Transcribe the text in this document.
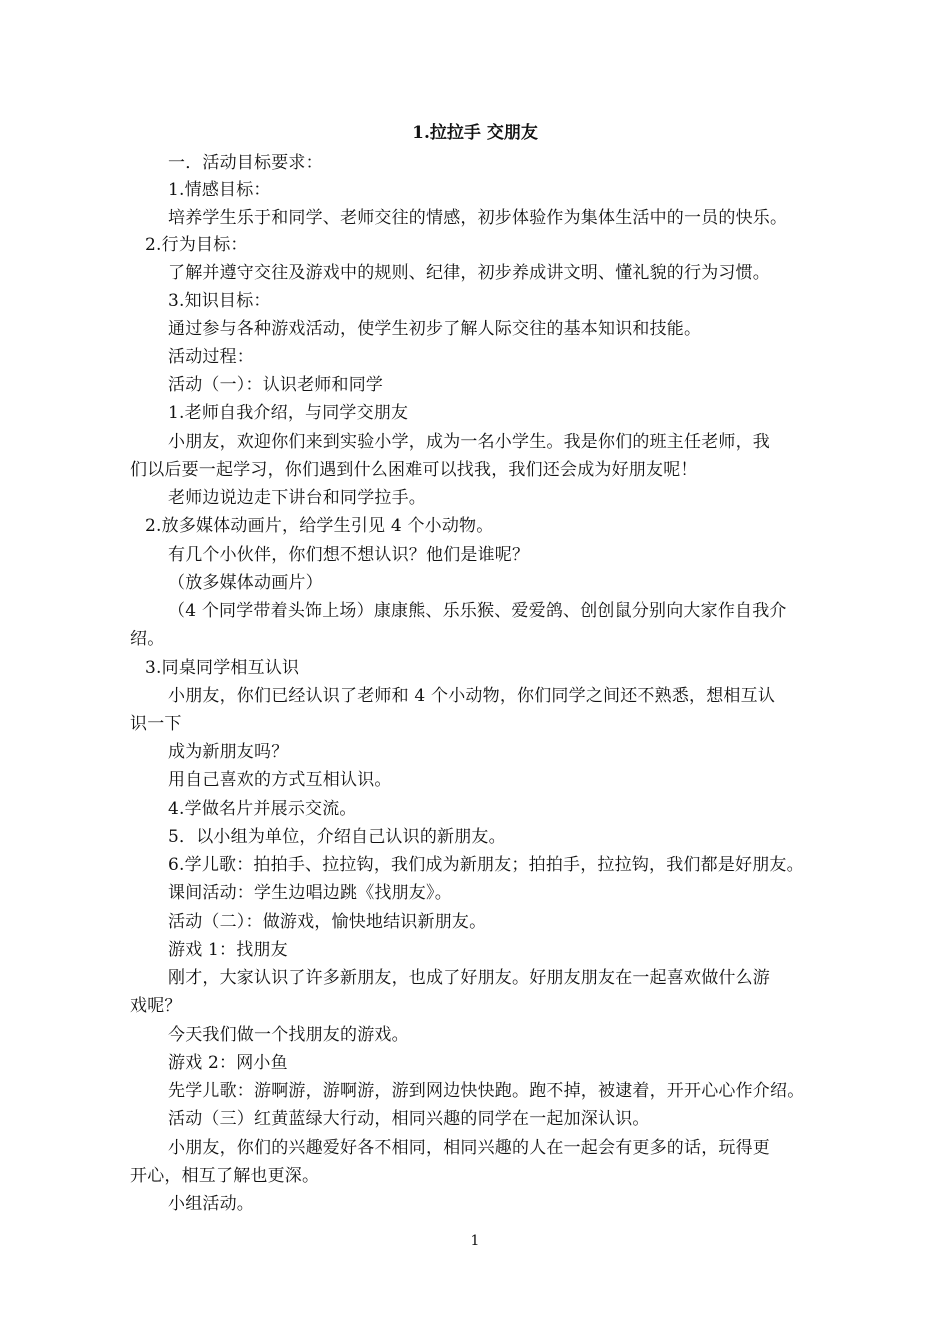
1.拉拉手 交朋友
一．活动目标要求：
1.情感目标：
培养学生乐于和同学、老师交往的情感，初步体验作为集体生活中的一员的快乐。
2.行为目标：
了解并遵守交往及游戏中的规则、纪律，初步养成讲文明、懂礼貌的行为习惯。
3.知识目标：
通过参与各种游戏活动，使学生初步了解人际交往的基本知识和技能。
活动过程：
活动（一）：认识老师和同学
1.老师自我介绍，与同学交朋友
小朋友，欢迎你们来到实验小学，成为一名小学生。我是你们的班主任老师，我
们以后要一起学习，你们遇到什么困难可以找我，我们还会成为好朋友呢！
老师边说边走下讲台和同学拉手。
2.放多媒体动画片，给学生引见 4 个小动物。
有几个小伙伴，你们想不想认识？他们是谁呢？
（放多媒体动画片）
（4 个同学带着头饰上场）康康熊、乐乐猴、爱爱鸽、创创鼠分别向大家作自我介
绍。
3.同桌同学相互认识
小朋友，你们已经认识了老师和 4 个小动物，你们同学之间还不熟悉，想相互认
识一下
成为新朋友吗？
用自己喜欢的方式互相认识。
4.学做名片并展示交流。
5．以小组为单位，介绍自己认识的新朋友。
6.学儿歌：拍拍手、拉拉钩，我们成为新朋友；拍拍手，拉拉钩，我们都是好朋友。
课间活动：学生边唱边跳《找朋友》。
活动（二）：做游戏，愉快地结识新朋友。
游戏 1：找朋友
刚才，大家认识了许多新朋友，也成了好朋友。好朋友朋友在一起喜欢做什么游
戏呢？
今天我们做一个找朋友的游戏。
游戏 2：网小鱼
先学儿歌：游啊游，游啊游，游到网边快快跑。跑不掉，被逮着，开开心心作介绍。
活动（三）红黄蓝绿大行动，相同兴趣的同学在一起加深认识。
小朋友，你们的兴趣爱好各不相同，相同兴趣的人在一起会有更多的话，玩得更
开心，相互了解也更深。
小组活动。
1
